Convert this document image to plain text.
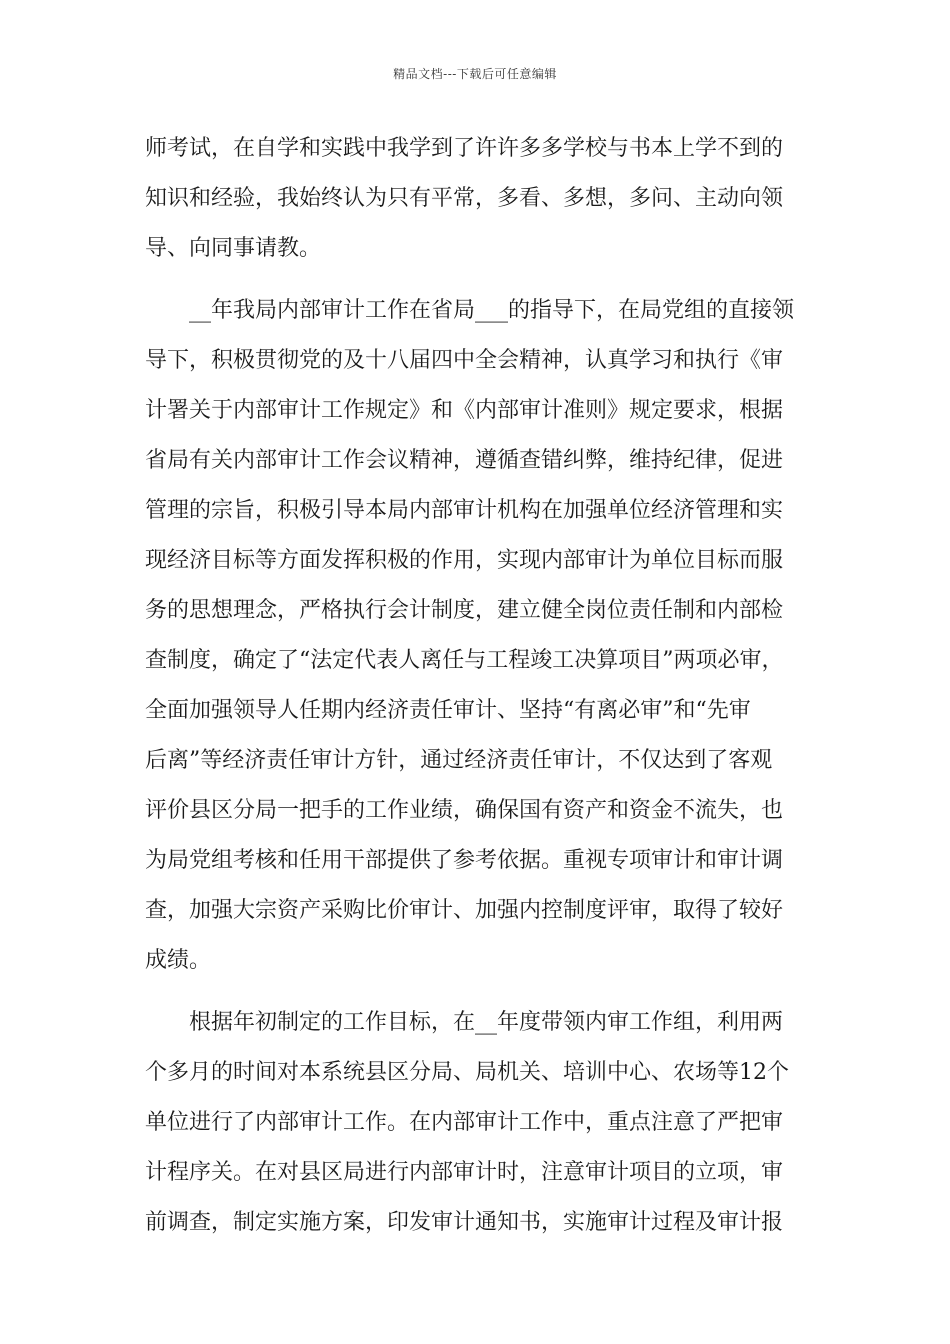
精品文档---下载后可任意编辑
师考试，在自学和实践中我学到了许许多多学校与书本上学不到的
知识和经验，我始终认为只有平常，多看、多想，多问、主动向领
导、向同事请教。
__年我局内部审计工作在省局___的指导下，在局党组的直接领
导下，积极贯彻党的及十八届四中全会精神，认真学习和执行《审
计署关于内部审计工作规定》和《内部审计准则》规定要求，根据
省局有关内部审计工作会议精神，遵循查错纠弊，维持纪律，促进
管理的宗旨，积极引导本局内部审计机构在加强单位经济管理和实
现经济目标等方面发挥积极的作用，实现内部审计为单位目标而服
务的思想理念，严格执行会计制度，建立健全岗位责任制和内部检
查制度，确定了“法定代表人离任与工程竣工决算项目”两项必审，
全面加强领导人任期内经济责任审计、坚持“有离必审”和“先审
后离”等经济责任审计方针，通过经济责任审计，不仅达到了客观
评价县区分局一把手的工作业绩，确保国有资产和资金不流失，也
为局党组考核和任用干部提供了参考依据。重视专项审计和审计调
查，加强大宗资产采购比价审计、加强内控制度评审，取得了较好
成绩。
根据年初制定的工作目标，在__年度带领内审工作组，利用两
个多月的时间对本系统县区分局、局机关、培训中心、农场等12个
单位进行了内部审计工作。在内部审计工作中，重点注意了严把审
计程序关。在对县区局进行内部审计时，注意审计项目的立项，审
前调查，制定实施方案，印发审计通知书，实施审计过程及审计报
